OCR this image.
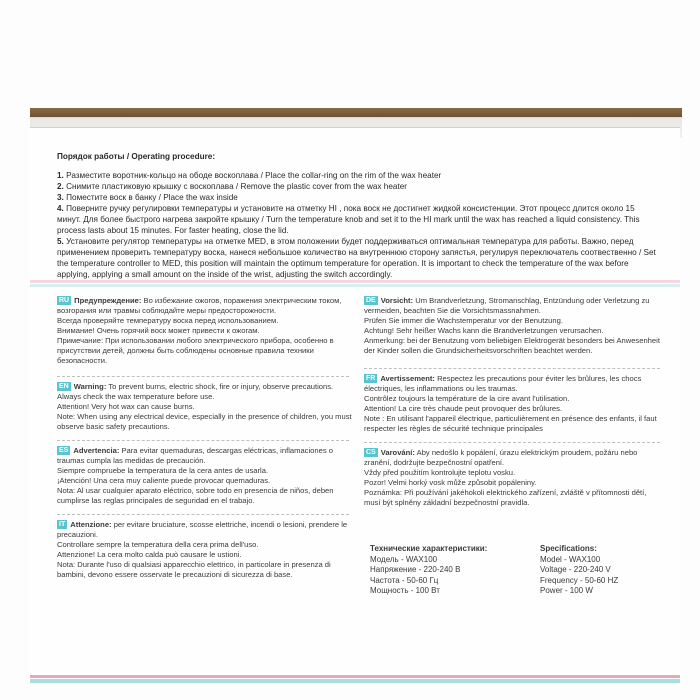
Порядок работы / Operating procedure:

1. Разместите воротник-кольцо на ободе воскоплава / Place the collar-ring on the rim of the wax heater

2. Снимите пластиковую крышку с воскоплава / Remove the plastic cover from the wax heater

3. Поместите воск в банку / Place the wax inside

4. Поверните ручку регулировки температуры и установите на отметку HI , пока воск не достигнет жидкой консистенции. Этот процесс длится около 15 минут. Для более быстрого нагрева закройте крышку / Turn the temperature knob and set it to the HI mark until the wax has reached a liquid consistency. This process lasts about 15 minutes. For faster heating, close the lid.

5. Установите регулятор температуры на отметке MED, в этом положении будет поддерживаться оптимальная температура для работы. Важно, перед применением проверить температуру воска, нанеся небольшое количество на внутреннюю сторону запястья, регулируя переключатель соотвественно / Set the temperature controller to MED, this position will maintain the optimum temperature for operation. It is important to check the temperature of the wax before applying, applying a small amount on the inside of the wrist, adjusting the switch accordingly.

RU Предупреждение: Во избежание ожогов, поражения электрическим током, возгорания или травмы соблюдайте меры предосторожности.

Всегда проверяйте температуру воска перед использованием.

Внимание! Очень горячий воск может привести к ожогам.

Примечание: При использовании любого электрического прибора, особенно в присутствии детей, должны быть соблюдены основные правила техники безопасности.

EN Warning: To prevent burns, electric shock, fire or injury, observe precautions.

Always check the wax temperature before use.

Attention! Very hot wax can cause burns.

Note: When using any electrical device, especially in the presence of children, you must observe basic safety precautions.

ES Advertencia: Para evitar quemaduras, descargas eléctricas, inflamaciones o traumas cumpla las medidas de precaución.

Siempre compruebe la temperatura de la cera antes de usarla.

¡Atención! Una cera muy caliente puede provocar quemaduras.

Nota: Al usar cualquier aparato eléctrico, sobre todo en presencia de niños, deben cumplirse las reglas principales de seguridad en el trabajo.

IT Attenzione: per evitare bruciature, scosse elettriche, incendi o lesioni, prendere le precauzioni.

Controllare sempre la temperatura della cera prima dell'uso.

Attenzione! La cera molto calda può causare le ustioni.

Nota: Durante l'uso di qualsiasi apparecchio elettrico, in particolare in presenza di bambini, devono essere osservate le precauzioni di sicurezza di base.

DE Vorsicht: Um Brandverletzung, Stromanschlag, Entzündung oder Verletzung zu vermeiden, beachten Sie die Vorsichtsmassnahmen.

Prüfen Sie immer die Wachstemperatur vor der Benutzung.

Achtung! Sehr heißer Wachs kann die Brandverletzungen verursachen.

Anmerkung: bei der Benutzung vom beliebigen Elektrogerät besonders bei Anwesenheit der Kinder sollen die Grundsicherheitsvorschriften beachtet werden.

FR Avertissement: Respectez les precautions pour éviter les brûlures, les chocs électriques, les inflammations ou les traumas.

Contrôlez toujours la température de la cire avant l'utilisation.

Attention! La cire très chaude peut provoquer des brûlures.

Note : En utilisant l'appareil électrique, particulièrement en présence des enfants, il faut respecter les règles de sécurité technique principales

CS Varování: Aby nedošlo k popálení, úrazu elektrickým proudem, požáru nebo zranění, dodržujte bezpečnostní opatření.

Vždy před použitím kontrolujte teplotu vosku.

Pozor! Velmi horký vosk může způsobit popáleniny.

Poznámka: Při používání jakéhokoli elektrického zařízení, zvláště v přítomnosti dětí, musí být splněny základní bezpečnostní pravidla.

Технические характеристики:

Модель - WAX100

Напряжение - 220-240 В

Частота - 50-60 Гц

Мощность - 100 Вт

Specifications:

Model - WAX100

Voltage - 220-240 V

Frequency - 50-60 HZ

Power - 100 W
